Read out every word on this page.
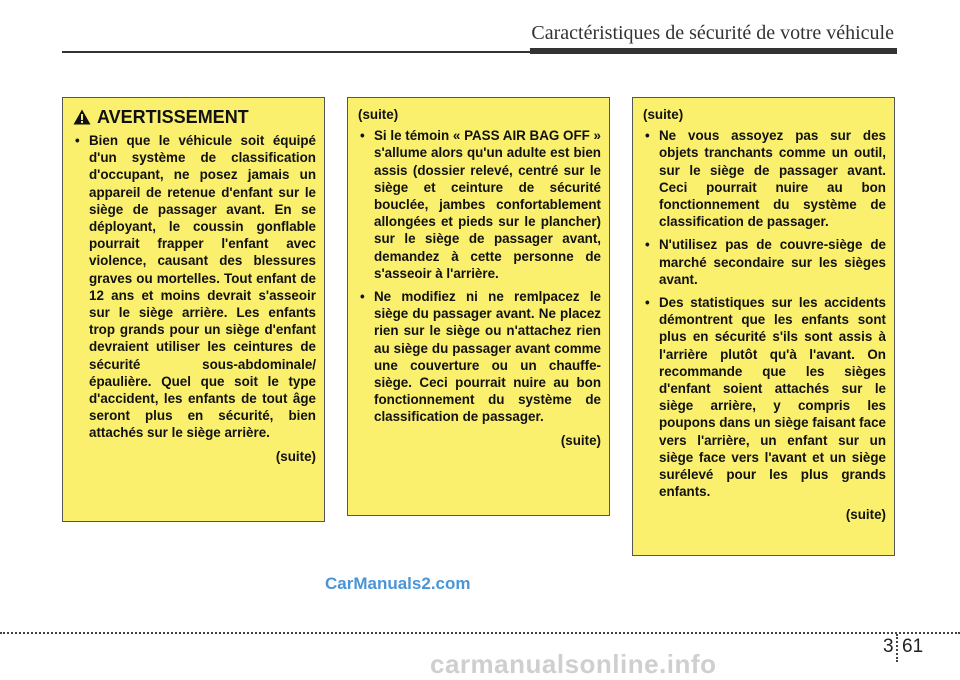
Caractéristiques de sécurité de votre véhicule
AVERTISSEMENT
• Bien que le véhicule soit équipé d'un système de classification d'occupant, ne posez jamais un appareil de retenue d'enfant sur le siège de passager avant. En se déployant, le coussin gonflable pourrait frapper l'enfant avec violence, causant des blessures graves ou mortelles. Tout enfant de 12 ans et moins devrait s'asseoir sur le siège arrière. Les enfants trop grands pour un siège d'enfant devraient utiliser les ceintures de sécurité sous-abdominale/épaulière. Quel que soit le type d'accident, les enfants de tout âge seront plus en sécurité, bien attachés sur le siège arrière.
(suite)
(suite)
• Si le témoin « PASS AIR BAG OFF » s'allume alors qu'un adulte est bien assis (dossier relevé, centré sur le siège et ceinture de sécurité bouclée, jambes confortablement allongées et pieds sur le plancher) sur le siège de passager avant, demandez à cette personne de s'asseoir à l'arrière.
• Ne modifiez ni ne remlpacez le siège du passager avant. Ne placez rien sur le siège ou n'attachez rien au siège du passager avant comme une couverture ou un chauffe-siège. Ceci pourrait nuire au bon fonctionnement du système de classification de passager.
(suite)
(suite)
• Ne vous assoyez pas sur des objets tranchants comme un outil, sur le siège de passager avant. Ceci pourrait nuire au bon fonctionnement du système de classification de passager.
• N'utilisez pas de couvre-siège de marché secondaire sur les sièges avant.
• Des statistiques sur les accidents démontrent que les enfants sont plus en sécurité s'ils sont assis à l'arrière plutôt qu'à l'avant. On recommande que les sièges d'enfant soient attachés sur le siège arrière, y compris les poupons dans un siège faisant face vers l'arrière, un enfant sur un siège face vers l'avant et un siège surélevé pour les plus grands enfants.
(suite)
CarManuals2.com
3 61
carmanualsonline.info
